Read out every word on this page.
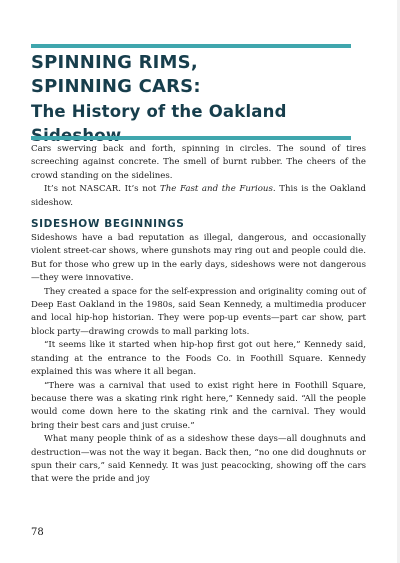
SPINNING RIMS,
SPINNING CARS:
The History of the Oakland

Cars swerving back and forth, spinning in circles. The sound of tires screeching against concrete. The smell of burnt rubber. The cheers of the crowd standing on the sidelines.

It’s not NASCAR. It’s not The Fast and the Furious. This is the Oakland sideshow.

SIDESHOW BEGINNINGS

Sideshows have a bad reputation as illegal, dangerous, and occasionally violent street-car shows, where gunshots may ring out and people could die. But for those who grew up in the early days, sideshows were not dangerous—they were innovative.

They created a space for the self-expression and originality coming out of Deep East Oakland in the 1980s, said Sean Kennedy, a multimedia producer and local hip-hop historian. They were pop-up events—part car show, part block party—drawing crowds to mall parking lots.

“It seems like it started when hip-hop first got out here,” Kennedy said, standing at the entrance to the Foods Co. in Foothill Square. Kennedy explained this was where it all began.

“There was a carnival that used to exist right here in Foothill Square, because there was a skating rink right here,” Kennedy said. “All the people would come down here to the skating rink and the carnival. They would bring their best cars and just cruise.”

What many people think of as a sideshow these days—all doughnuts and destruction—was not the way it began. Back then, “no one did doughnuts or spun their cars,” said Kennedy. It was just peacocking, showing off the cars that were the pride and joy

78
